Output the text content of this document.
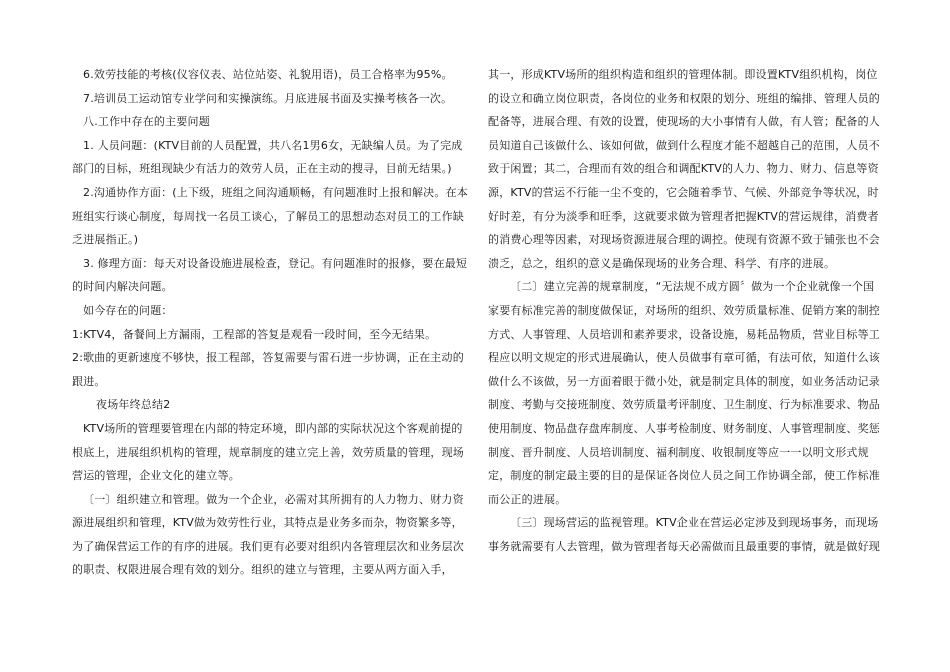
6.效劳技能的考核(仪容仪表、站位站姿、礼貌用语)，员工合格率为95%。

7.培训员工运动馆专业学问和实操演练。月底进展书面及实操考核各一次。

八.工作中存在的主要问题

1. 人员问题：(KTV目前的人员配置，共八名1男6女，无缺编人员。为了完成部门的目标，班组现缺少有活力的效劳人员，正在主动的搜寻，目前无结果。)

2.沟通协作方面：(上下级，班组之间沟通顺畅，有问题准时上报和解决。在本班组实行谈心制度，每周找一名员工谈心，了解员工的思想动态对员工的工作缺乏进展指正。)

3. 修理方面：每天对设备设施进展检查，登记。有问题准时的报修，要在最短的时间内解决问题。

如今存在的问题：

1:KTV4，备餐间上方漏雨，工程部的答复是观看一段时间，至今无结果。

2:歌曲的更新速度不够快，报工程部，答复需要与雷石进一步协调，正在主动的跟进。

夜场年终总结2

KTV场所的管理要管理在内部的特定环境，即内部的实际状况这个客观前提的根底上，进展组织机构的管理，规章制度的建立完上善，效劳质量的管理，现场营运的管理，企业文化的建立等。

〔一〕组织建立和管理。做为一个企业，必需对其所拥有的人力物力、财力资源进展组织和管理，KTV做为效劳性行业，其特点是业务多而杂，物资繁多等，为了确保营运工作的有序的进展。我们更有必要对组织内各管理层次和业务层次的职责、权限进展合理有效的划分。组织的建立与管理，主要从两方面入手，

其一，形成KTV场所的组织构造和组织的管理体制。即设置KTV组织机构，岗位的设立和确立岗位职责，各岗位的业务和权限的划分、班组的编排、管理人员的配备等，进展合理、有效的设置，使现场的大小事情有人做，有人管；配备的人员知道自己该做什么、该如何做，做到什么程度才能不超越自己的范围，人员不致于闲置；其二，合理而有效的组合和调配KTV的人力、物力、财力、信息等资源，KTV的营运不行能一尘不变的，它会随着季节、气候、外部竞争等状况，时好时差，有分为淡季和旺季，这就要求做为管理者把握KTV的营运规律，消费者的消费心理等因素，对现场资源进展合理的调控。使现有资源不致于铺张也不会溃乏，总之，组织的意义是确保现场的业务合理、科学、有序的进展。

〔二〕建立完善的规章制度，“无法规不成方圆〞做为一个企业就像一个国家要有标准完善的制度做保证，对场所的组织、效劳质量标准、促销方案的制控方式、人事管理、人员培训和素养要求，设备设施，易耗品物质，营业目标等工程应以明文规定的形式进展确认，使人员做事有章可循，有法可依，知道什么该做什么不该做，另一方面着眼于微小处，就是制定具体的制度，如业务活动记录制度、考勤与交接班制度、效劳质量考评制度、卫生制度、行为标准要求、物品使用制度、物品盘存盘库制度、人事考检制度、财务制度、人事管理制度、奖惩制度、晋升制度、人员培训制度、福利制度、收银制度等应一一以明文形式规定，制度的制定最主要的目的是保证各岗位人员之间工作协调全部，使工作标准而公正的进展。

〔三〕现场营运的监视管理。KTV企业在营运必定涉及到现场事务，而现场事务就需要有人去管理，做为管理者每天必需做而且最重要的事情，就是做好现
